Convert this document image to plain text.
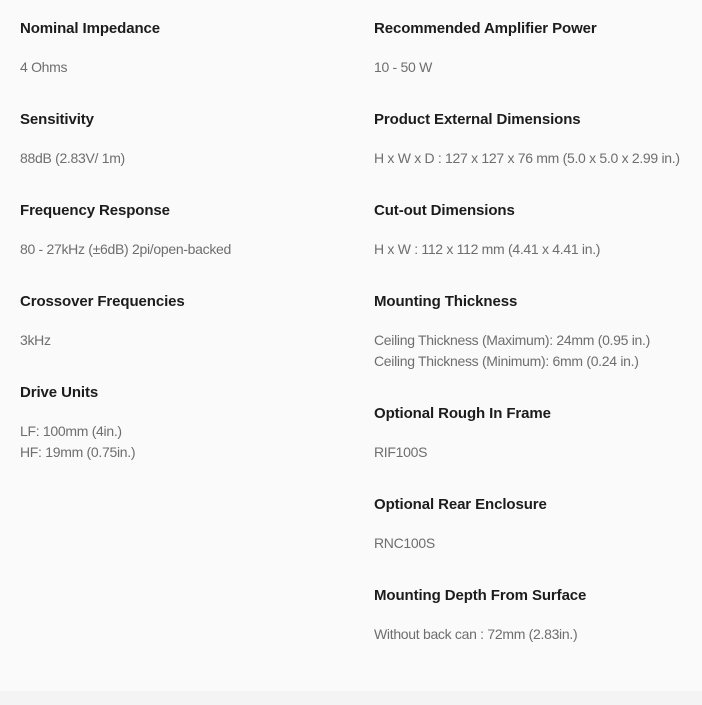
Nominal Impedance
4 Ohms
Sensitivity
88dB (2.83V/ 1m)
Frequency Response
80 - 27kHz (±6dB) 2pi/open-backed
Crossover Frequencies
3kHz
Drive Units
LF: 100mm (4in.)
HF: 19mm (0.75in.)
Recommended Amplifier Power
10 - 50 W
Product External Dimensions
H x W x D : 127 x 127 x 76 mm (5.0 x 5.0 x 2.99 in.)
Cut-out Dimensions
H x W : 112 x 112 mm (4.41 x 4.41 in.)
Mounting Thickness
Ceiling Thickness (Maximum): 24mm (0.95 in.)
Ceiling Thickness (Minimum): 6mm (0.24 in.)
Optional Rough In Frame
RIF100S
Optional Rear Enclosure
RNC100S
Mounting Depth From Surface
Without back can : 72mm (2.83in.)
